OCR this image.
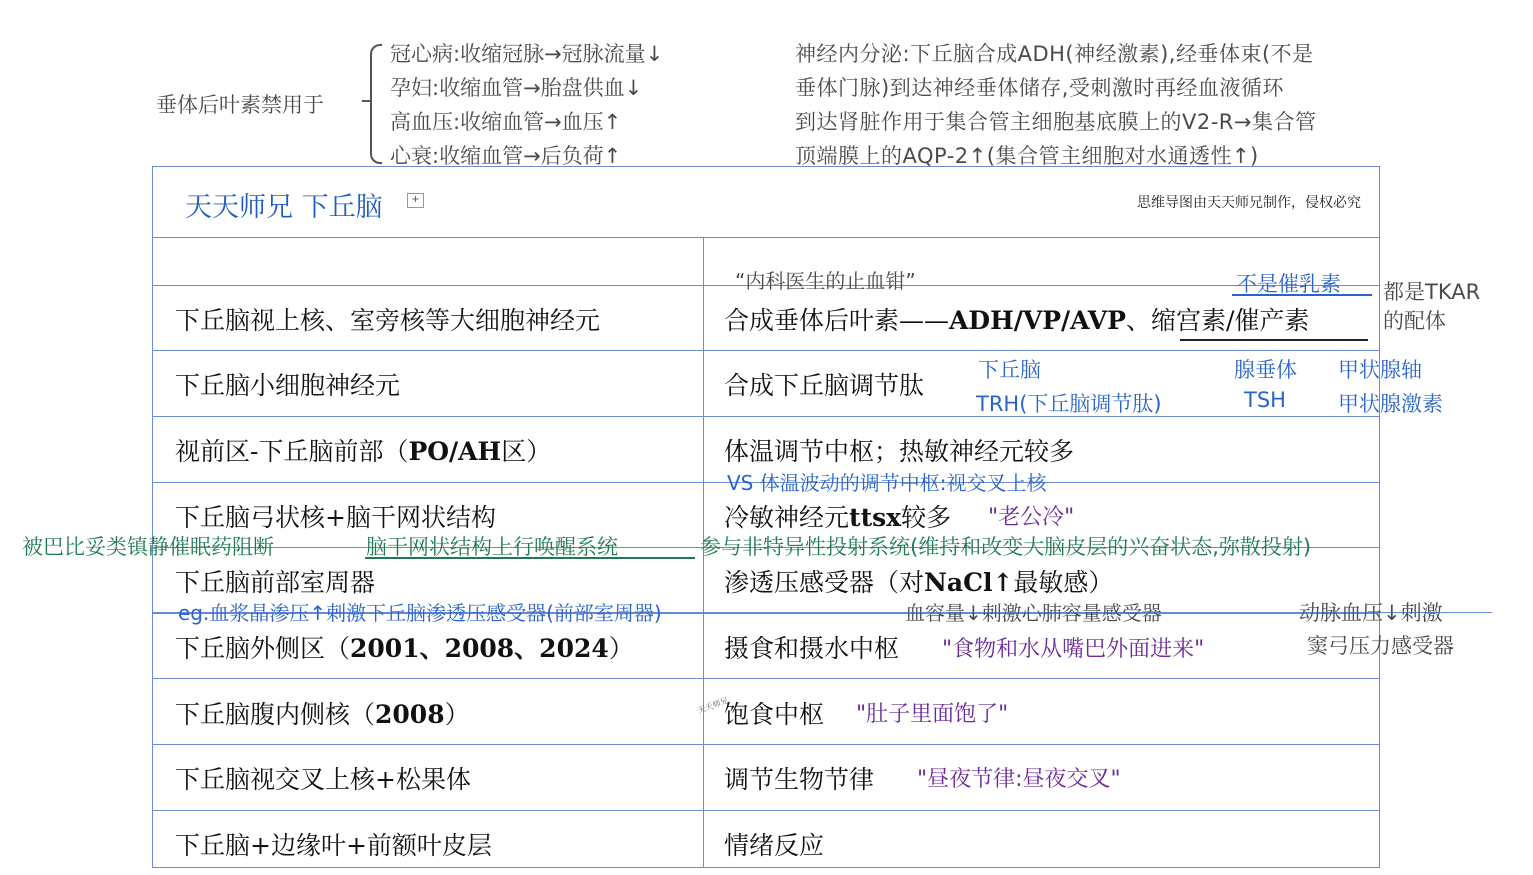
垂体后叶素禁用于
冠心病:收缩冠脉→冠脉流量↓
孕妇:收缩血管→胎盘供血↓
高血压:收缩血管→血压↑
心衰:收缩血管→后负荷↑
神经内分泌:下丘脑合成ADH(神经激素),经垂体束(不是
垂体门脉)到达神经垂体储存,受刺激时再经血液循环
到达肾脏作用于集合管主细胞基底膜上的V2-R→集合管
顶端膜上的AQP-2↑(集合管主细胞对水通透性↑)
天天师兄 下丘脑	+	思维导图由天天师兄制作，侵权必究
下丘脑视上核、室旁核等大细胞神经元	合成垂体后叶素——ADH/VP/AVP、缩宫素/催产素
下丘脑小细胞神经元	合成下丘脑调节肽
视前区-下丘脑前部（PO/AH区）	体温调节中枢；热敏神经元较多
下丘脑弓状核+脑干网状结构	冷敏神经元ttsx较多
下丘脑前部室周器	渗透压感受器（对NaCl↑最敏感）
下丘脑外侧区（2001、2008、2024）	摄食和摄水中枢
下丘脑腹内侧核（2008）	饱食中枢
下丘脑视交叉上核+松果体	调节生物节律
下丘脑+边缘叶+前额叶皮层	情绪反应
“内科医生的止血钳”	不是催乳素 都是TKAR
的配体
下丘脑	腺垂体 甲状腺轴
TRH(下丘脑调节肽)	TSH 甲状腺激素
VS 体温波动的调节中枢:视交叉上核
"老公冷"
被巴比妥类镇静催眠药阻断	脑干网状结构上行唤醒系统	参与非特异性投射系统(维持和改变大脑皮层的兴奋状态,弥散投射)
eg.血浆晶渗压↑刺激下丘脑渗透压感受器(前部室周器)	血容量↓刺激心肺容量感受器	动脉血压↓刺激
窦弓压力感受器
"食物和水从嘴巴外面进来"
"肚子里面饱了"
"昼夜节律:昼夜交叉"
天天师兄
